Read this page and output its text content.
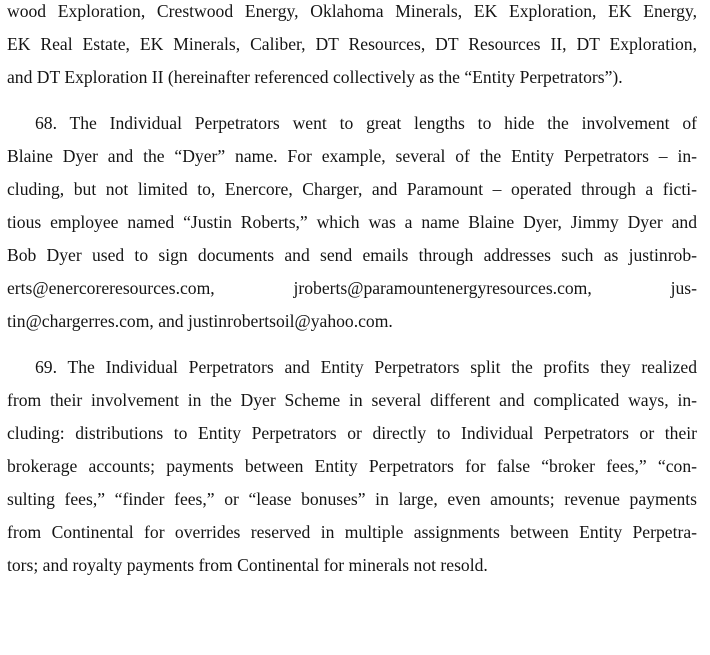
wood Exploration, Crestwood Energy, Oklahoma Minerals, EK Exploration, EK Energy,
EK Real Estate, EK Minerals, Caliber, DT Resources, DT Resources II, DT Exploration,
and DT Exploration II (hereinafter referenced collectively as the “Entity Perpetrators”).
68. The Individual Perpetrators went to great lengths to hide the involvement of
Blaine Dyer and the “Dyer” name. For example, several of the Entity Perpetrators – in-
cluding, but not limited to, Enercore, Charger, and Paramount – operated through a ficti-
tious employee named “Justin Roberts,” which was a name Blaine Dyer, Jimmy Dyer and
Bob Dyer used to sign documents and send emails through addresses such as justinrob-
erts@enercoreresources.com, jroberts@paramountenergyresources.com, jus-
tin@chargerres.com, and justinrobertsoil@yahoo.com.
69. The Individual Perpetrators and Entity Perpetrators split the profits they realized
from their involvement in the Dyer Scheme in several different and complicated ways, in-
cluding: distributions to Entity Perpetrators or directly to Individual Perpetrators or their
brokerage accounts; payments between Entity Perpetrators for false “broker fees,” “con-
sulting fees,” “finder fees,” or “lease bonuses” in large, even amounts; revenue payments
from Continental for overrides reserved in multiple assignments between Entity Perpetra-
tors; and royalty payments from Continental for minerals not resold.
